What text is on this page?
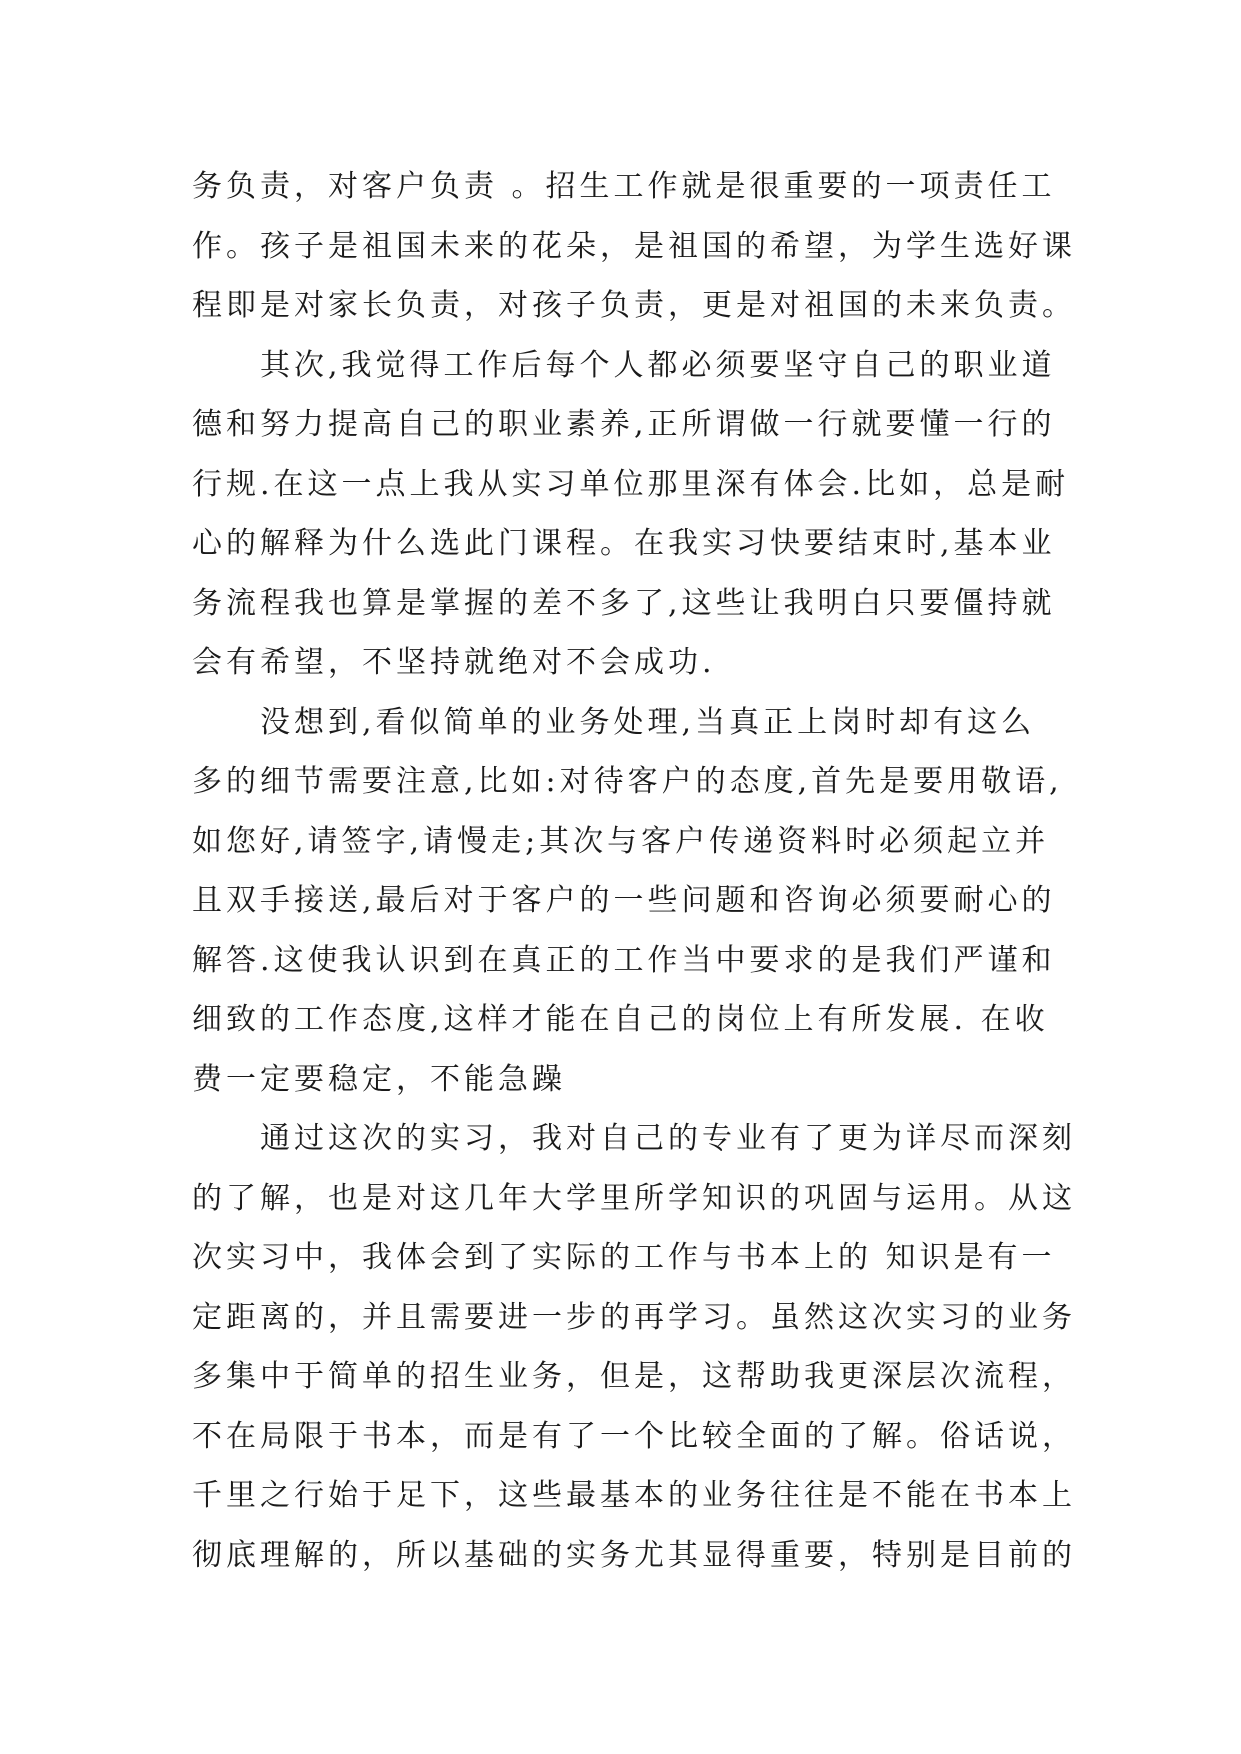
务负责，对客户负责 。招生工作就是很重要的一项责任工
作。孩子是祖国未来的花朵，是祖国的希望，为学生选好课
程即是对家长负责，对孩子负责，更是对祖国的未来负责。
　　其次,我觉得工作后每个人都必须要坚守自己的职业道
德和努力提高自己的职业素养,正所谓做一行就要懂一行的
行规.在这一点上我从实习单位那里深有体会.比如，总是耐
心的解释为什么选此门课程。在我实习快要结束时,基本业
务流程我也算是掌握的差不多了,这些让我明白只要僵持就
会有希望，不坚持就绝对不会成功.
　　没想到,看似简单的业务处理,当真正上岗时却有这么
多的细节需要注意,比如:对待客户的态度,首先是要用敬语,
如您好,请签字,请慢走;其次与客户传递资料时必须起立并
且双手接送,最后对于客户的一些问题和咨询必须要耐心的
解答.这使我认识到在真正的工作当中要求的是我们严谨和
细致的工作态度,这样才能在自己的岗位上有所发展. 在收
费一定要稳定，不能急躁
　　通过这次的实习，我对自己的专业有了更为详尽而深刻
的了解，也是对这几年大学里所学知识的巩固与运用。从这
次实习中，我体会到了实际的工作与书本上的 知识是有一
定距离的，并且需要进一步的再学习。虽然这次实习的业务
多集中于简单的招生业务，但是，这帮助我更深层次流程，
不在局限于书本，而是有了一个比较全面的了解。俗话说，
千里之行始于足下，这些最基本的业务往往是不能在书本上
彻底理解的，所以基础的实务尤其显得重要，特别是目前的
